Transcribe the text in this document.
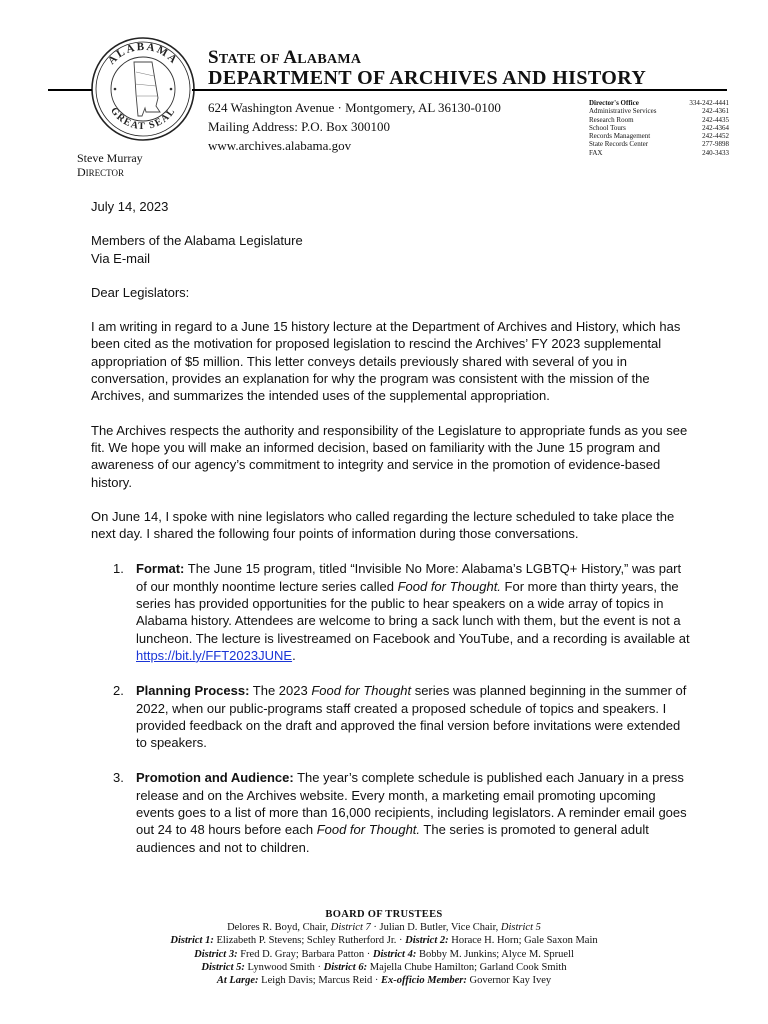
ALABAMA
GREAT SEAL
STATE OF ALABAMA
DEPARTMENT OF ARCHIVES AND HISTORY
624 Washington Avenue · Montgomery, AL 36130-0100
Mailing Address: P.O. Box 300100
www.archives.alabama.gov
Steve Murray
DIRECTOR
Director's Office	334-242-4441
Administrative Services	242-4361
Research Room	242-4435
School Tours	242-4364
Records Management	242-4452
State Records Center	277-9898
FAX	240-3433

July 14, 2023

Members of the Alabama Legislature

Via E-mail

Dear Legislators:

I am writing in regard to a June 15 history lecture at the Department of Archives and History, which has been cited as the motivation for proposed legislation to rescind the Archives’ FY 2023 supplemental appropriation of $5 million. This letter conveys details previously shared with several of you in conversation, provides an explanation for why the program was consistent with the mission of the Archives, and summarizes the intended uses of the supplemental appropriation.

The Archives respects the authority and responsibility of the Legislature to appropriate funds as you see fit. We hope you will make an informed decision, based on familiarity with the June 15 program and awareness of our agency’s commitment to integrity and service in the promotion of evidence-based history.

On June 14, I spoke with nine legislators who called regarding the lecture scheduled to take place the next day. I shared the following four points of information during those conversations.

1. Format: The June 15 program, titled “Invisible No More: Alabama’s LGBTQ+ History,” was part of our monthly noontime lecture series called Food for Thought. For more than thirty years, the series has provided opportunities for the public to hear speakers on a wide array of topics in Alabama history. Attendees are welcome to bring a sack lunch with them, but the event is not a luncheon. The lecture is livestreamed on Facebook and YouTube, and a recording is available at https://bit.ly/FFT2023JUNE.
2. Planning Process: The 2023 Food for Thought series was planned beginning in the summer of 2022, when our public-programs staff created a proposed schedule of topics and speakers. I provided feedback on the draft and approved the final version before invitations were extended to speakers.
3. Promotion and Audience: The year’s complete schedule is published each January in a press release and on the Archives website. Every month, a marketing email promoting upcoming events goes to a list of more than 16,000 recipients, including legislators. A reminder email goes out 24 to 48 hours before each Food for Thought. The series is promoted to general adult audiences and not to children.
BOARD OF TRUSTEES
Delores R. Boyd, Chair, District 7 · Julian D. Butler, Vice Chair, District 5
District 1: Elizabeth P. Stevens; Schley Rutherford Jr. · District 2: Horace H. Horn; Gale Saxon Main
District 3: Fred D. Gray; Barbara Patton · District 4: Bobby M. Junkins; Alyce M. Spruell
District 5: Lynwood Smith · District 6: Majella Chube Hamilton; Garland Cook Smith
At Large: Leigh Davis; Marcus Reid · Ex-officio Member: Governor Kay Ivey
